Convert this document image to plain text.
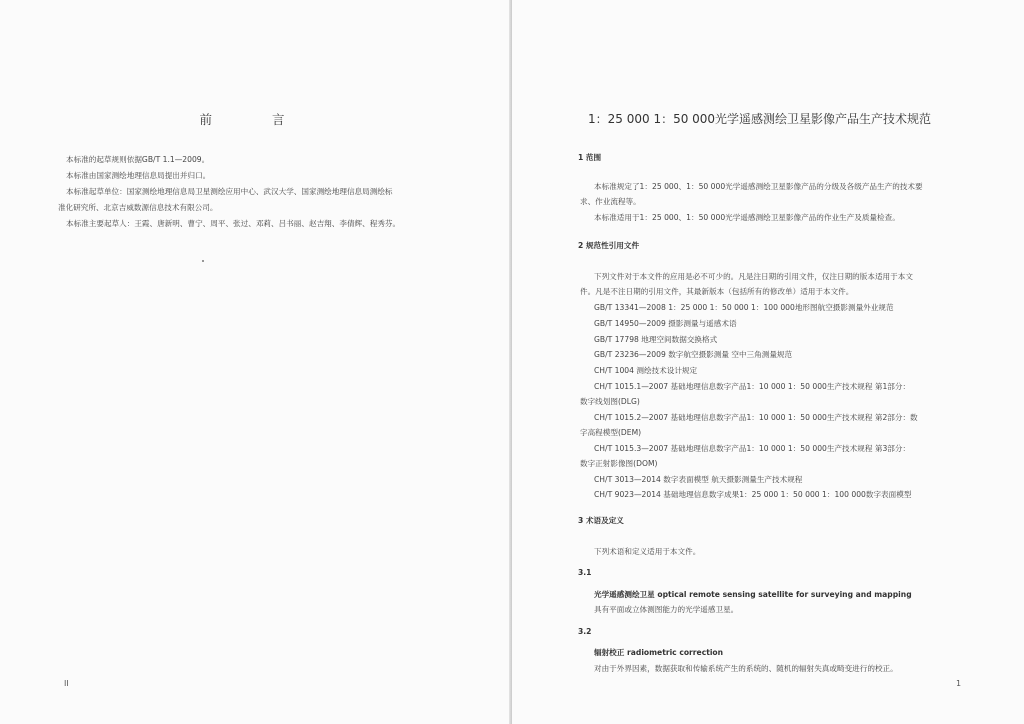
前 言
本标准的起草规则依据GB/T 1.1—2009。
本标准由国家测绘地理信息局提出并归口。
本标准起草单位：国家测绘地理信息局卫星测绘应用中心、武汉大学、国家测绘地理信息局测绘标
准化研究所、北京吉威数源信息技术有限公司。
本标准主要起草人：王霞、唐新明、曹宁、周平、张过、邓莉、吕书丽、赵吉翔、李倩辉、程秀芬。
II
1：25 000 1：50 000光学遥感测绘卫星影像产品生产技术规范
1 范围
本标准规定了1：25 000、1：50 000光学遥感测绘卫星影像产品的分级及各级产品生产的技术要
求、作业流程等。
本标准适用于1：25 000、1：50 000光学遥感测绘卫星影像产品的作业生产及质量检查。
2 规范性引用文件
下列文件对于本文件的应用是必不可少的。凡是注日期的引用文件，仅注日期的版本适用于本文
件。凡是不注日期的引用文件，其最新版本（包括所有的修改单）适用于本文件。
GB/T 13341—2008 1：25 000 1：50 000 1：100 000地形图航空摄影测量外业规范
GB/T 14950—2009 摄影测量与遥感术语
GB/T 17798 地理空间数据交换格式
GB/T 23236—2009 数字航空摄影测量 空中三角测量规范
CH/T 1004 测绘技术设计规定
CH/T 1015.1—2007 基础地理信息数字产品1：10 000 1：50 000生产技术规程 第1部分：
数字线划图(DLG)
CH/T 1015.2—2007 基础地理信息数字产品1：10 000 1：50 000生产技术规程 第2部分：数
字高程模型(DEM)
CH/T 1015.3—2007 基础地理信息数字产品1：10 000 1：50 000生产技术规程 第3部分：
数字正射影像图(DOM)
CH/T 3013—2014 数字表面模型 航天摄影测量生产技术规程
CH/T 9023—2014 基础地理信息数字成果1：25 000 1：50 000 1：100 000数字表面模型
3 术语及定义
下列术语和定义适用于本文件。
3.1
光学遥感测绘卫星 optical remote sensing satellite for surveying and mapping
具有平面或立体测图能力的光学遥感卫星。
3.2
辐射校正 radiometric correction
对由于外界因素，数据获取和传输系统产生的系统的、随机的辐射失真或畸变进行的校正。
1
